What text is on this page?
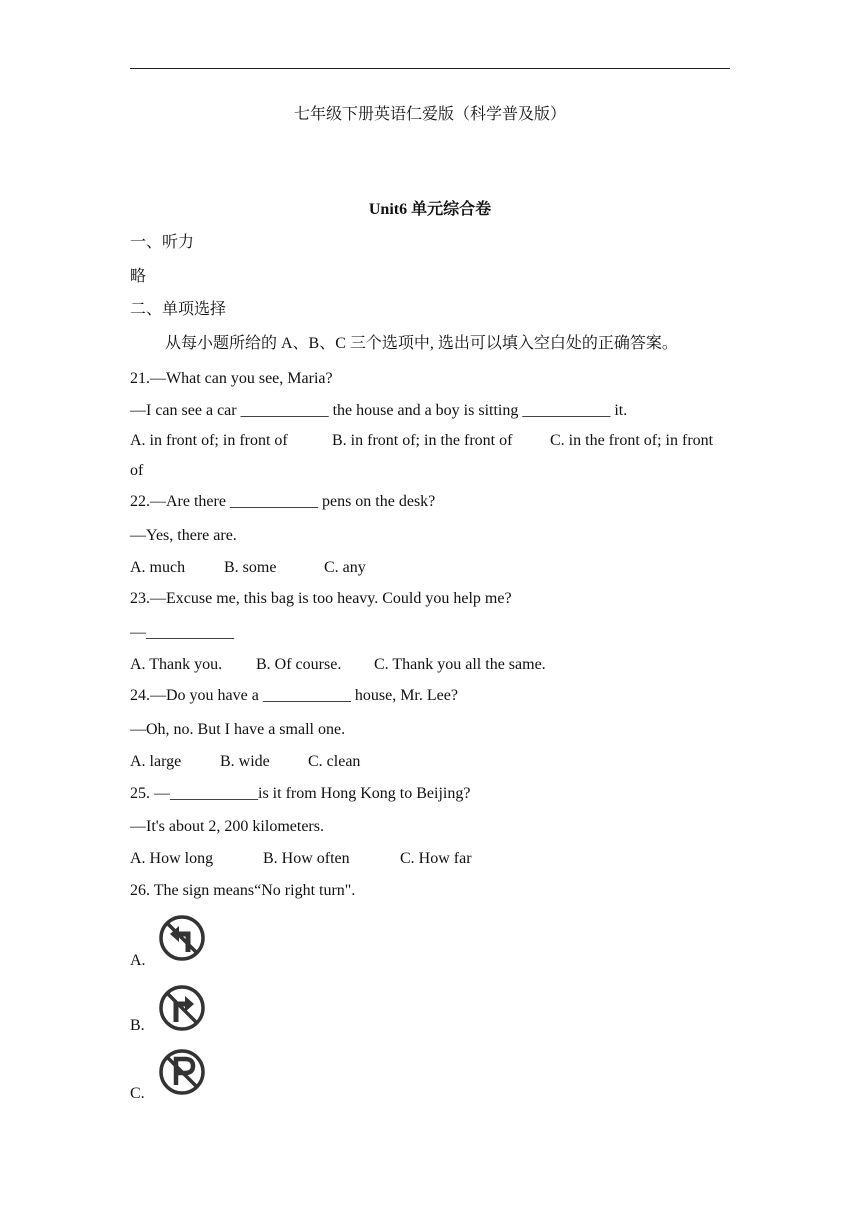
七年级下册英语仁爱版（科学普及版）
Unit6 单元综合卷
一、听力
略
二、单项选择
从每小题所给的 A、B、C 三个选项中, 选出可以填入空白处的正确答案。
21.—What can you see, Maria?
—I can see a car ___________ the house and a boy is sitting ___________ it.
A. in front of; in front of	B. in front of; in the front of C. in the front of; in front
of
22.—Are there ___________ pens on the desk?
—Yes, there are.
A. much B. some	C. any
23.—Excuse me, this bag is too heavy. Could you help me?
—___________
A. Thank you. B. Of course. C. Thank you all the same.
24.—Do you have a ___________ house, Mr. Lee?
—Oh, no. But I have a small one.
A. large B. wide C. clean
25. —___________is it from Hong Kong to Beijing?
—It's about 2, 200 kilometers.
A. How long	B. How often	C. How far
26. The sign means“No right turn".
A.
B.
C.
